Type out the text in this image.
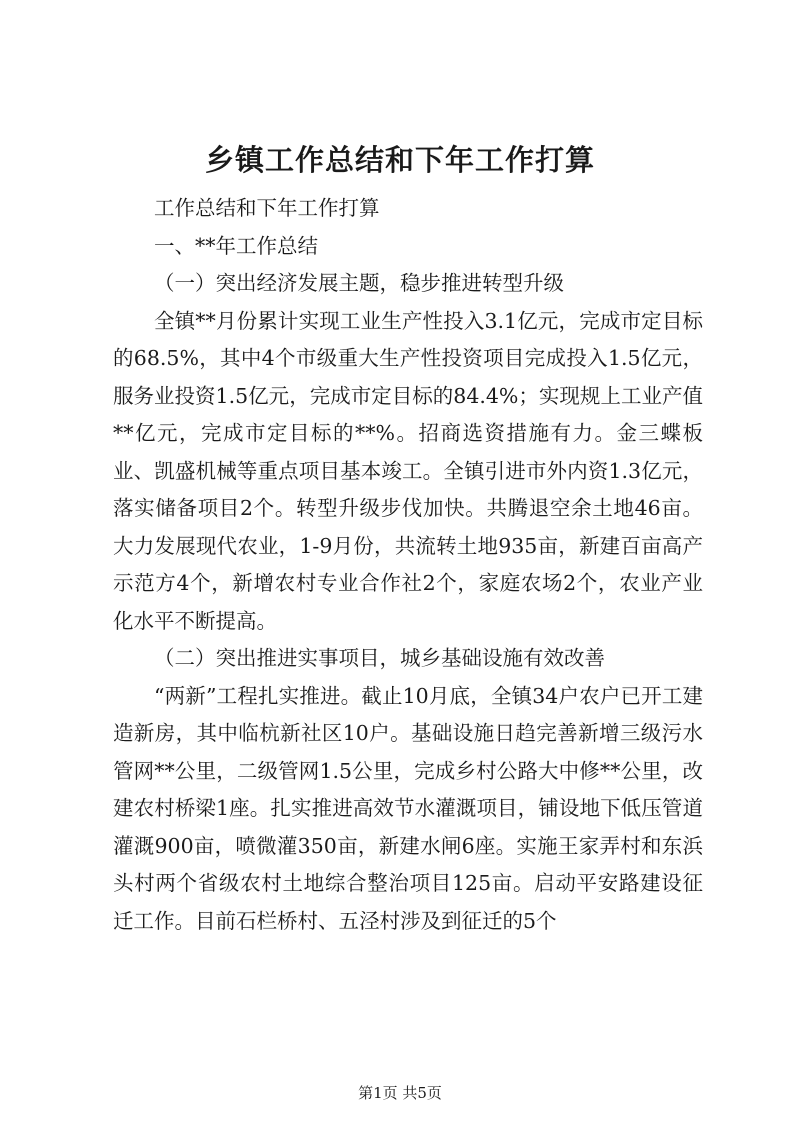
乡镇工作总结和下年工作打算

工作总结和下年工作打算

一、**年工作总结

（一）突出经济发展主题，稳步推进转型升级

全镇**月份累计实现工业生产性投入3.1亿元，完成市定目标的68.5%，其中4个市级重大生产性投资项目完成投入1.5亿元，服务业投资1.5亿元，完成市定目标的84.4%；实现规上工业产值**亿元，完成市定目标的**%。招商选资措施有力。金三蝶板业、凯盛机械等重点项目基本竣工。全镇引进市外内资1.3亿元，落实储备项目2个。转型升级步伐加快。共腾退空余土地46亩。大力发展现代农业，1-9月份，共流转土地935亩，新建百亩高产示范方4个，新增农村专业合作社2个，家庭农场2个，农业产业化水平不断提高。

（二）突出推进实事项目，城乡基础设施有效改善

“两新”工程扎实推进。截止10月底，全镇34户农户已开工建造新房，其中临杭新社区10户。基础设施日趋完善新增三级污水管网**公里，二级管网1.5公里，完成乡村公路大中修**公里，改建农村桥梁1座。扎实推进高效节水灌溉项目，铺设地下低压管道灌溉900亩，喷微灌350亩，新建水闸6座。实施王家弄村和东浜头村两个省级农村土地综合整治项目125亩。启动平安路建设征迁工作。目前石栏桥村、五泾村涉及到征迁的5个

第1页 共5页
